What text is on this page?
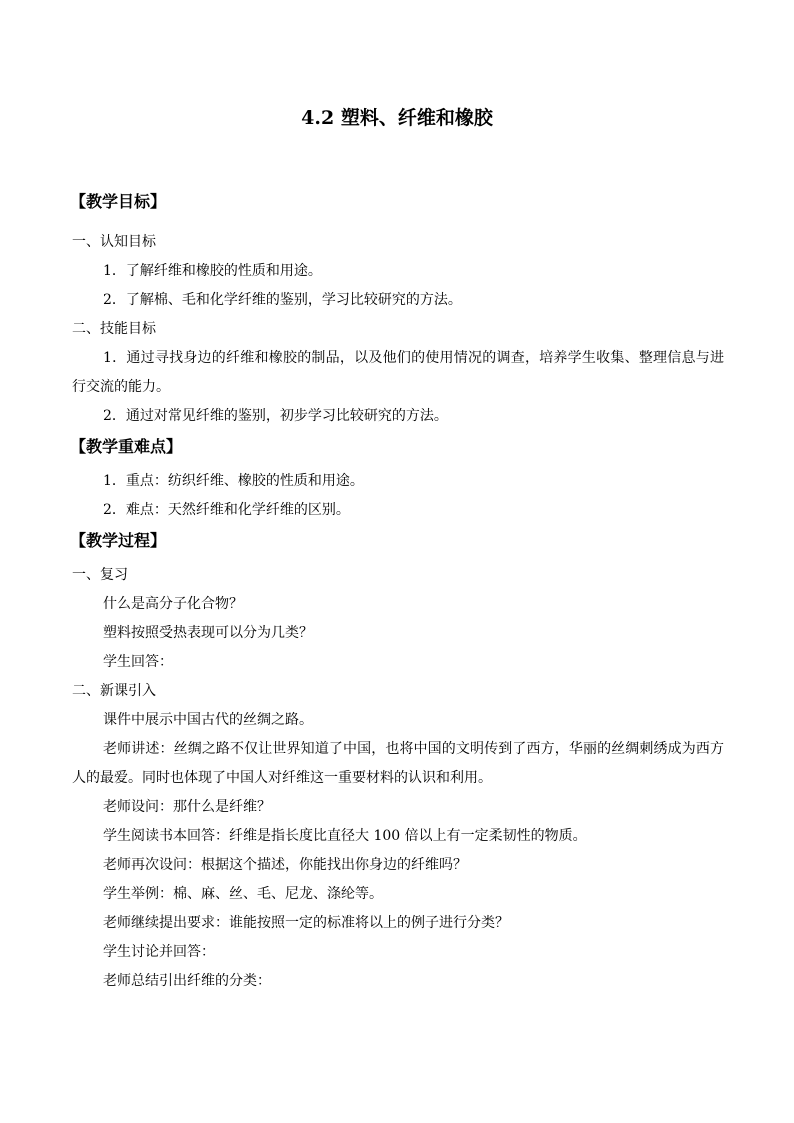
4.2 塑料、纤维和橡胶
【教学目标】
一、认知目标
1．了解纤维和橡胶的性质和用途。
2．了解棉、毛和化学纤维的鉴别，学习比较研究的方法。
二、技能目标
1．通过寻找身边的纤维和橡胶的制品，以及他们的使用情况的调查，培养学生收集、整理信息与进行交流的能力。
2．通过对常见纤维的鉴别，初步学习比较研究的方法。
【教学重难点】
1．重点：纺织纤维、橡胶的性质和用途。
2．难点：天然纤维和化学纤维的区别。
【教学过程】
一、复习
什么是高分子化合物？
塑料按照受热表现可以分为几类？
学生回答：
二、新课引入
课件中展示中国古代的丝绸之路。
老师讲述：丝绸之路不仅让世界知道了中国，也将中国的文明传到了西方，华丽的丝绸刺绣成为西方人的最爱。同时也体现了中国人对纤维这一重要材料的认识和利用。
老师设问：那什么是纤维？
学生阅读书本回答：纤维是指长度比直径大 100 倍以上有一定柔韧性的物质。
老师再次设问：根据这个描述，你能找出你身边的纤维吗？
学生举例：棉、麻、丝、毛、尼龙、涤纶等。
老师继续提出要求：谁能按照一定的标准将以上的例子进行分类？
学生讨论并回答：
老师总结引出纤维的分类：
